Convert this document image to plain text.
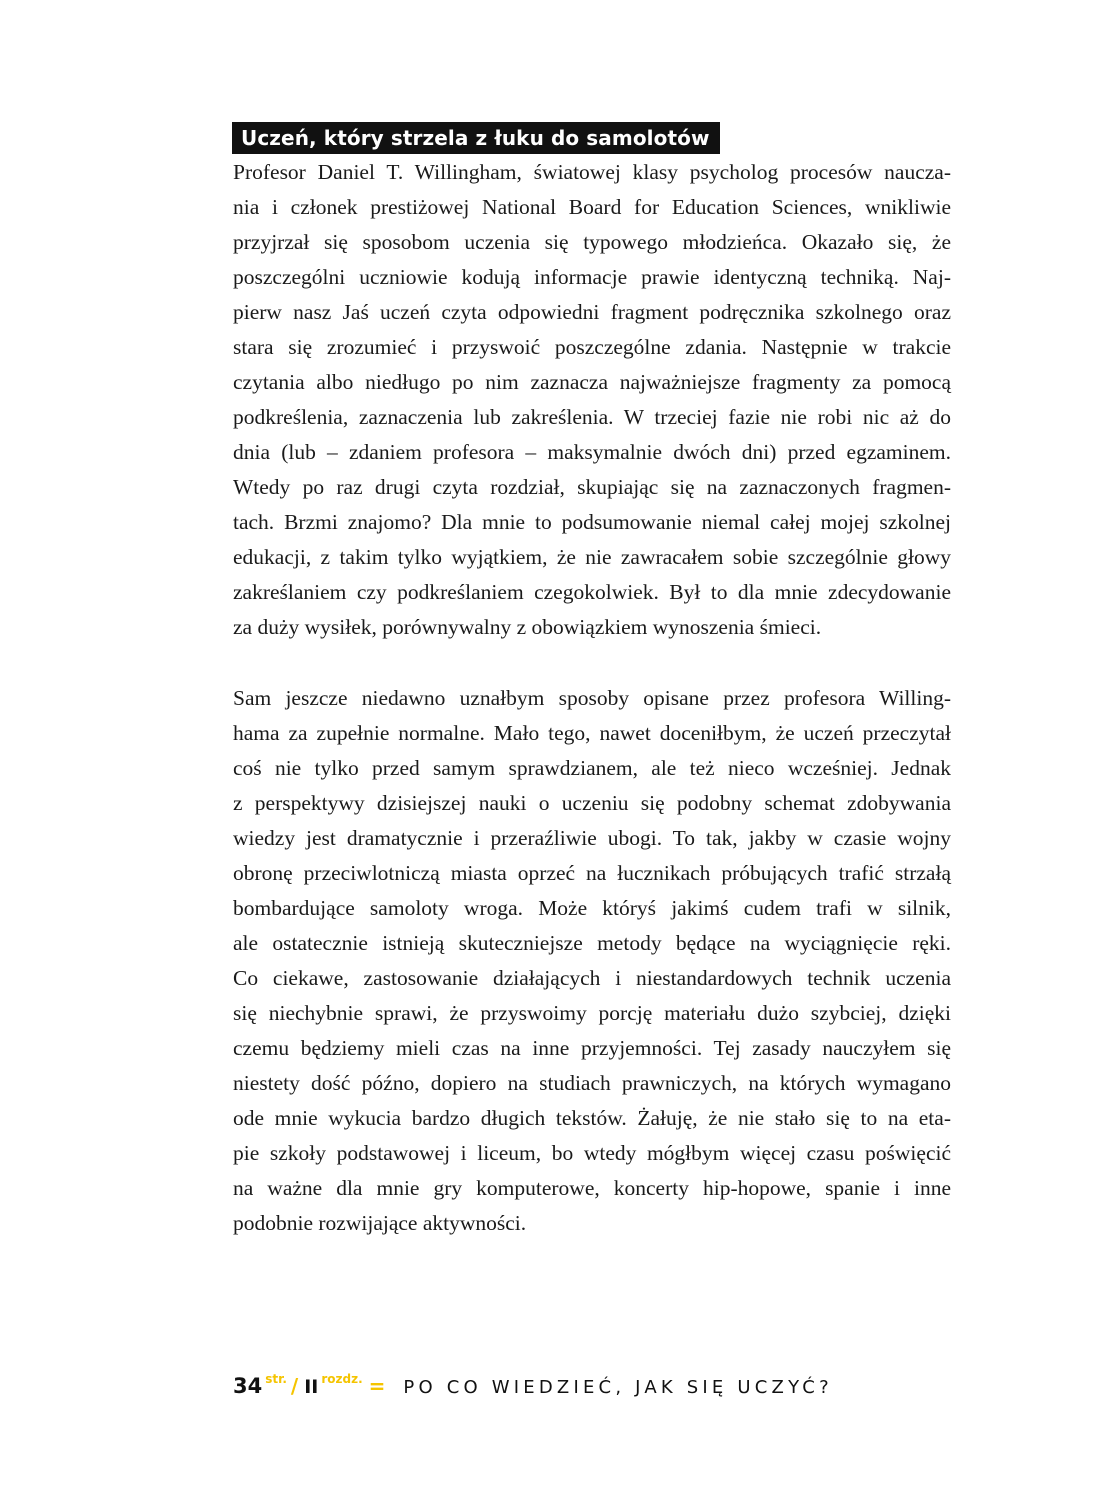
Uczeń, który strzela z łuku do samolotów
Profesor Daniel T. Willingham, światowej klasy psycholog procesów naucza-
nia i członek prestiżowej National Board for Education Sciences, wnikliwie
przyjrzał się sposobom uczenia się typowego młodzieńca. Okazało się, że
poszczególni uczniowie kodują informacje prawie identyczną techniką. Naj-
pierw nasz Jaś uczeń czyta odpowiedni fragment podręcznika szkolnego oraz
stara się zrozumieć i przyswoić poszczególne zdania. Następnie w trakcie
czytania albo niedługo po nim zaznacza najważniejsze fragmenty za pomocą
podkreślenia, zaznaczenia lub zakreślenia. W trzeciej fazie nie robi nic aż do
dnia (lub – zdaniem profesora – maksymalnie dwóch dni) przed egzaminem.
Wtedy po raz drugi czyta rozdział, skupiając się na zaznaczonych fragmen-
tach. Brzmi znajomo? Dla mnie to podsumowanie niemal całej mojej szkolnej
edukacji, z takim tylko wyjątkiem, że nie zawracałem sobie szczególnie głowy
zakreślaniem czy podkreślaniem czegokolwiek. Był to dla mnie zdecydowanie
za duży wysiłek, porównywalny z obowiązkiem wynoszenia śmieci.
Sam jeszcze niedawno uznałbym sposoby opisane przez profesora Willing-
hama za zupełnie normalne. Mało tego, nawet doceniłbym, że uczeń przeczytał
coś nie tylko przed samym sprawdzianem, ale też nieco wcześniej. Jednak
z perspektywy dzisiejszej nauki o uczeniu się podobny schemat zdobywania
wiedzy jest dramatycznie i przeraźliwie ubogi. To tak, jakby w czasie wojny
obronę przeciwlotniczą miasta oprzeć na łucznikach próbujących trafić strzałą
bombardujące samoloty wroga. Może któryś jakimś cudem trafi w silnik,
ale ostatecznie istnieją skuteczniejsze metody będące na wyciągnięcie ręki.
Co ciekawe, zastosowanie działających i niestandardowych technik uczenia
się niechybnie sprawi, że przyswoimy porcję materiału dużo szybciej, dzięki
czemu będziemy mieli czas na inne przyjemności. Tej zasady nauczyłem się
niestety dość późno, dopiero na studiach prawniczych, na których wymagano
ode mnie wykucia bardzo długich tekstów. Żałuję, że nie stało się to na eta-
pie szkoły podstawowej i liceum, bo wtedy mógłbym więcej czasu poświęcić
na ważne dla mnie gry komputerowe, koncerty hip-hopowe, spanie i inne
podobnie rozwijające aktywności.
34 str. / II rozdz. = PO CO WIEDZIEĆ, JAK SIĘ UCZYĆ?
